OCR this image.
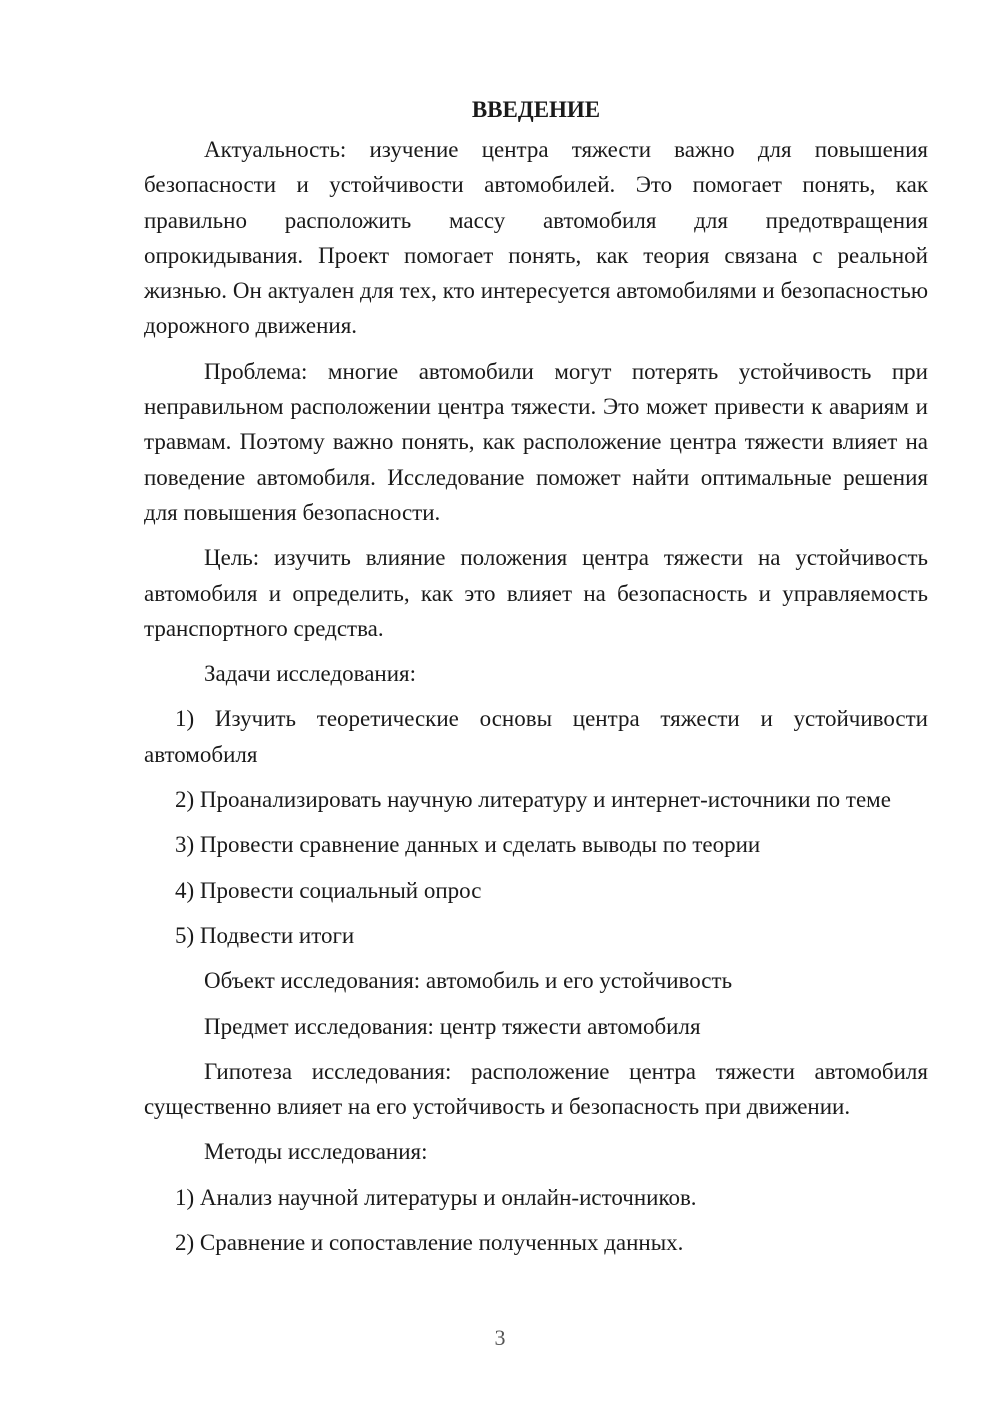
ВВЕДЕНИЕ

Актуальность: изучение центра тяжести важно для повышения безопасности и устойчивости автомобилей. Это помогает понять, как правильно расположить массу автомобиля для предотвращения опрокидывания. Проект помогает понять, как теория связана с реальной жизнью. Он актуален для тех, кто интересуется автомобилями и безопасностью дорожного движения.

Проблема: многие автомобили могут потерять устойчивость при неправильном расположении центра тяжести. Это может привести к авариям и травмам. Поэтому важно понять, как расположение центра тяжести влияет на поведение автомобиля. Исследование поможет найти оптимальные решения для повышения безопасности.

Цель: изучить влияние положения центра тяжести на устойчивость автомобиля и определить, как это влияет на безопасность и управляемость транспортного средства.

Задачи исследования:

1) Изучить теоретические основы центра тяжести и устойчивости автомобиля

2) Проанализировать научную литературу и интернет-источники по теме

3) Провести сравнение данных и сделать выводы по теории

4) Провести социальный опрос

5) Подвести итоги

Объект исследования: автомобиль и его устойчивость

Предмет исследования: центр тяжести автомобиля

Гипотеза исследования: расположение центра тяжести автомобиля существенно влияет на его устойчивость и безопасность при движении.

Методы исследования:

1) Анализ научной литературы и онлайн-источников.

2) Сравнение и сопоставление полученных данных.

3
